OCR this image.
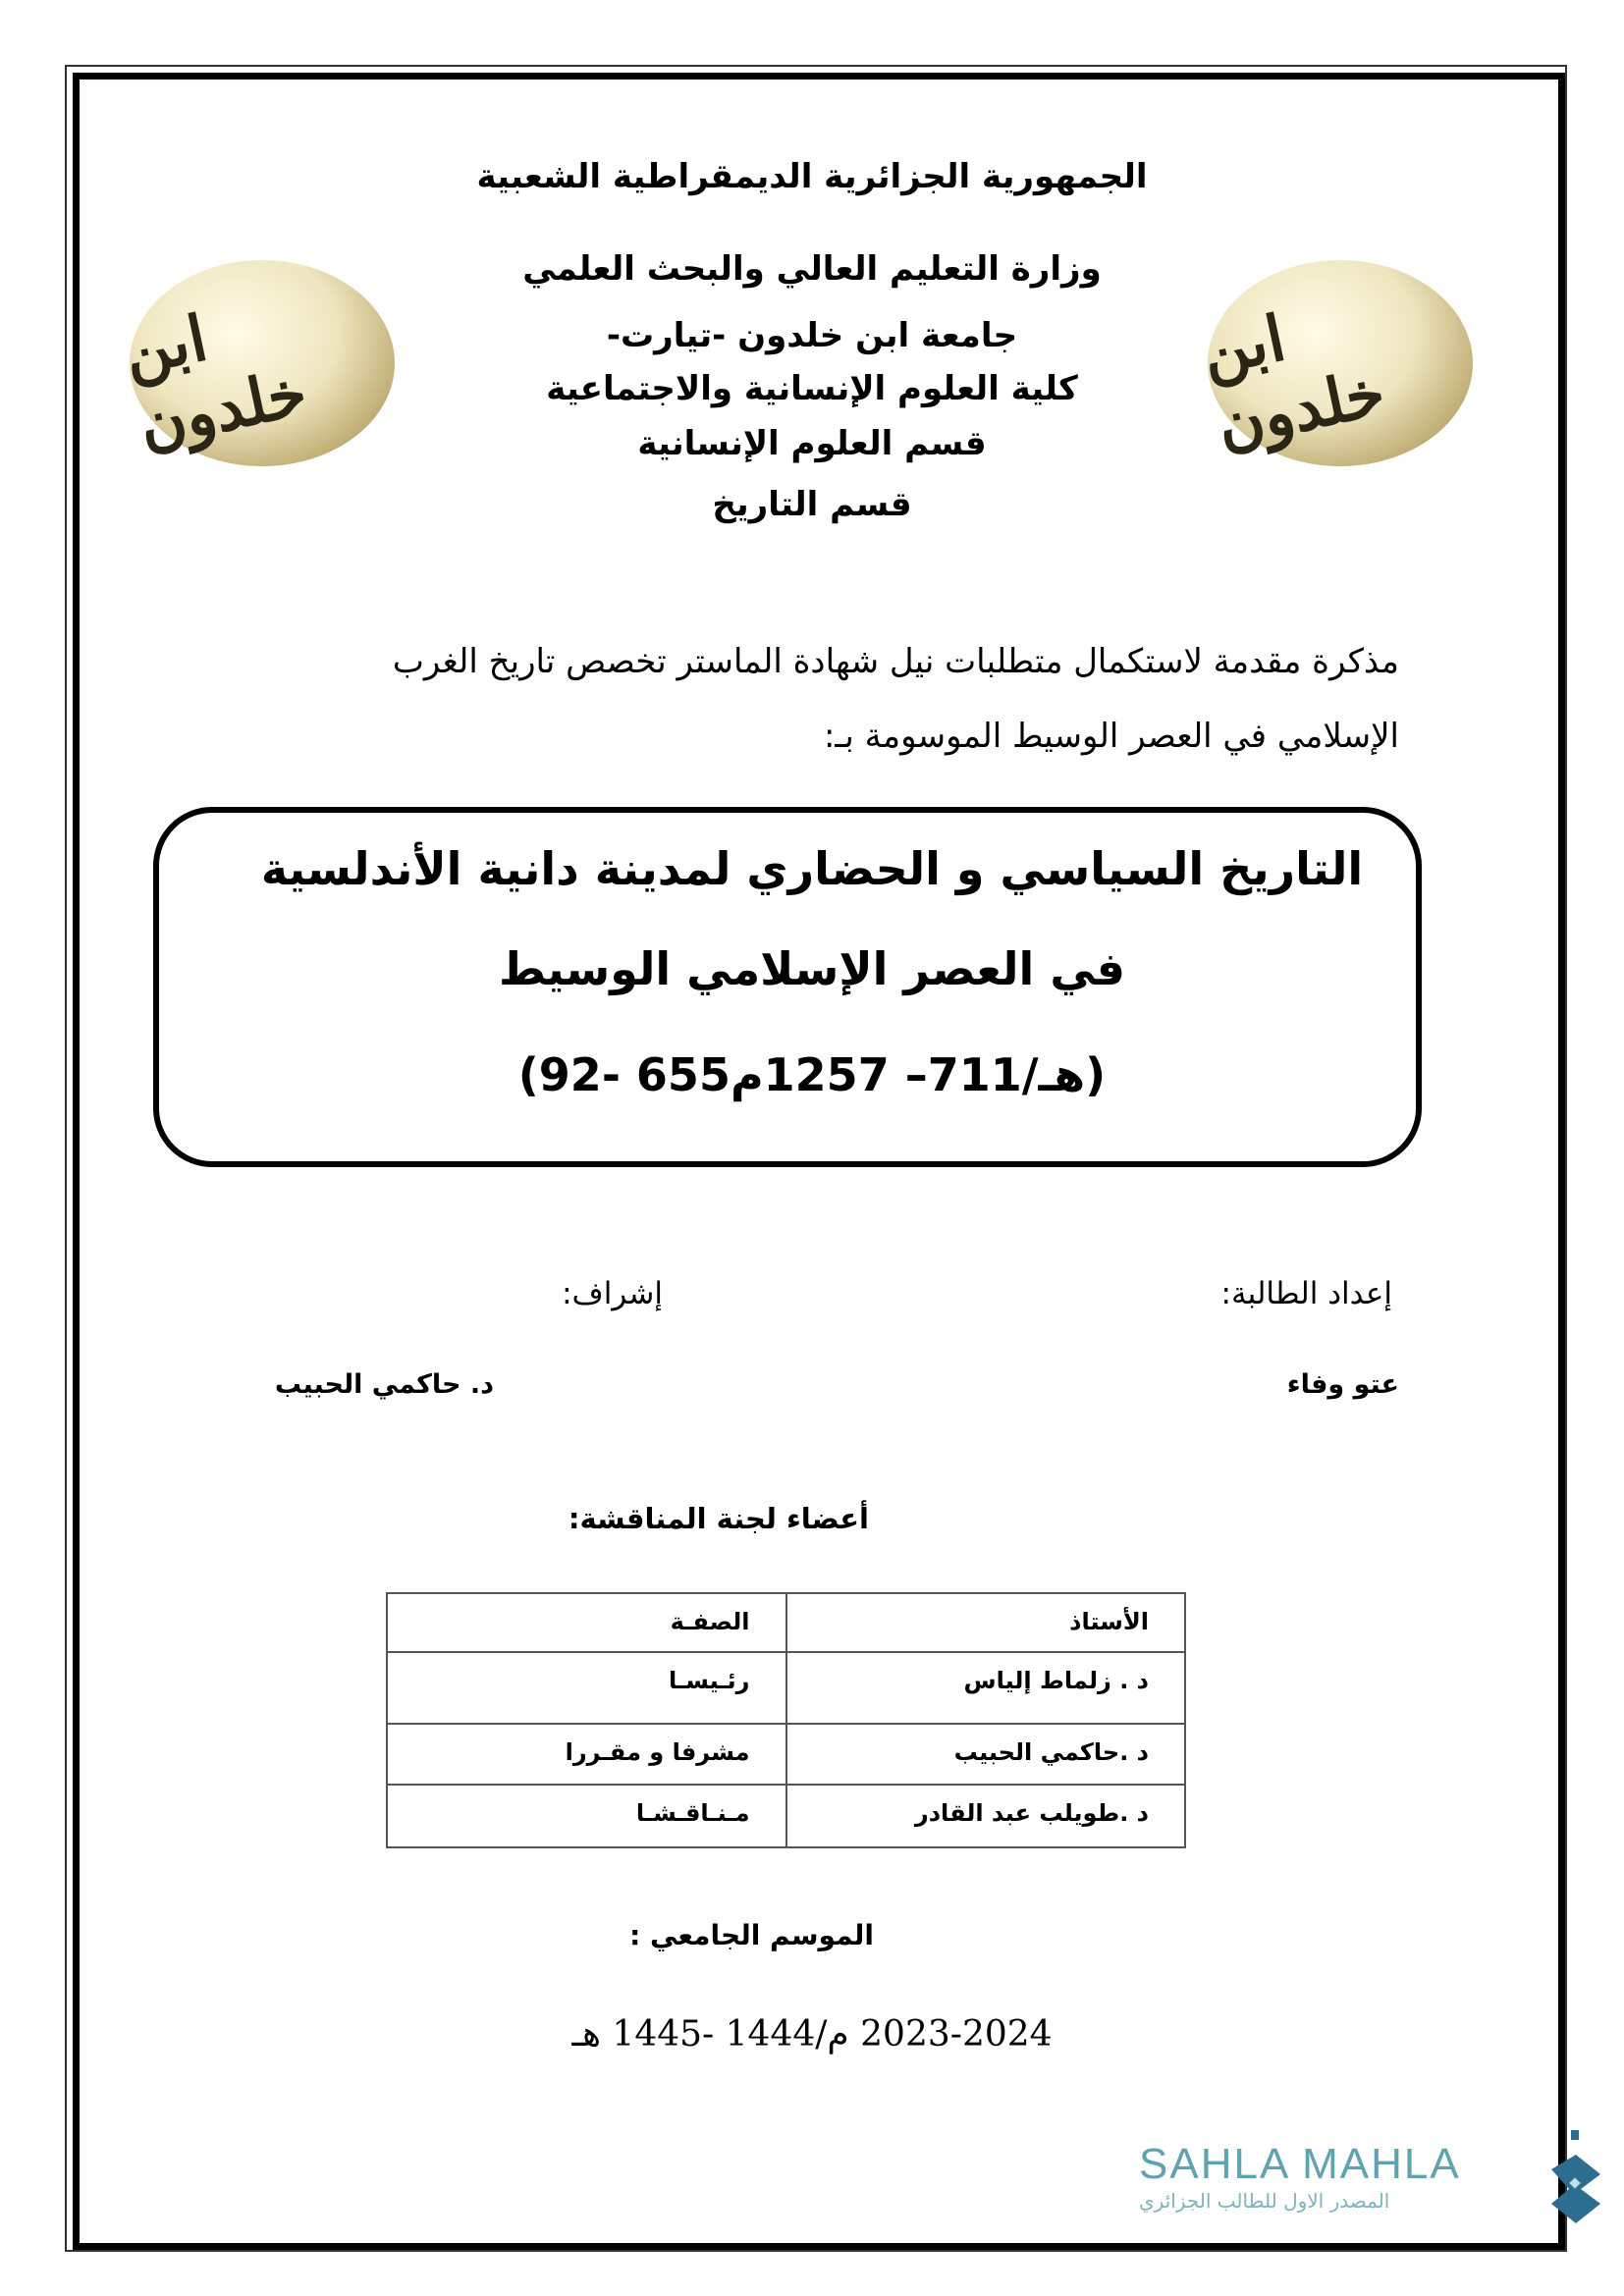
الجمهورية الجزائرية الديمقراطية الشعبية
وزارة التعليم العالي والبحث العلمي
جامعة ابن خلدون -تيارت-
كلية العلوم الإنسانية والاجتماعية
قسم العلوم الإنسانية
قسم التاريخ
ابن خلدون
ابن خلدون
مذكرة مقدمة لاستكمال متطلبات نيل شهادة الماستر تخصص تاريخ الغرب
الإسلامي في العصر الوسيط الموسومة بـ:
التاريخ السياسي و الحضاري لمدينة دانية الأندلسية
في العصر الإسلامي الوسيط
(92- 655هـ/711– 1257م)
إعداد الطالبة:
إشراف:
عتو وفاء
د. حاكمي الحبيب
أعضاء لجنة المناقشة:
الأستاذ	الصفـة
د . زلماط إلياس	رئـيسـا
د .حاكمي الحبيب	مشرفا و مقـررا
د .طويلب عبد القادر	مـنـاقـشـا
الموسم الجامعي :
2023-2024 م/1444 -1445 هـ
SAHLA MAHLA
المصدر الاول للطالب الجزائري
